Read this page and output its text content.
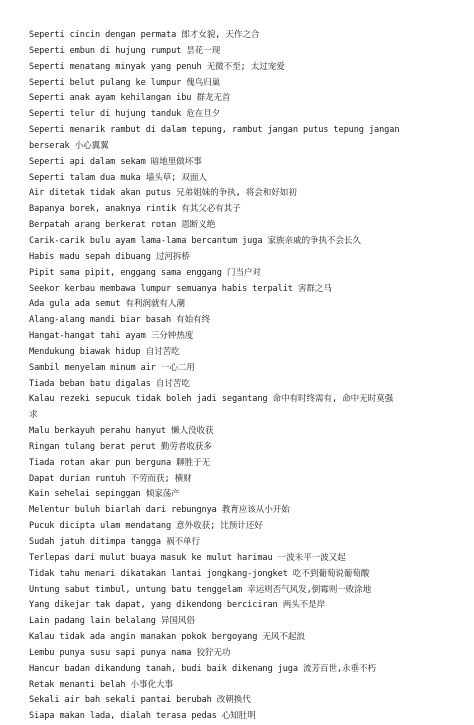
Seperti cincin dengan permata 郎才女貌, 天作之合
Seperti embun di hujung rumput 昙花一现
Seperti menatang minyak yang penuh 无微不至; 太过宠爱
Seperti belut pulang ke lumpur 傀鸟归巢
Seperti anak ayam kehilangan ibu 群龙无首
Seperti telur di hujung tanduk 危在旦夕
Seperti menarik rambut di dalam tepung, rambut jangan putus tepung jangan
berserak 小心翼翼
Seperti api dalam sekam 暗地里做坏事
Seperti talam dua muka 墙头草; 双面人
Air ditetak tidak akan putus 兄弟姐妹的争执, 将会和好如初
Bapanya borek, anaknya rintik 有其父必有其子
Berpatah arang berkerat rotan 恩断义绝
Carik-carik bulu ayam lama-lama bercantum juga 家族亲戚的争执不会长久
Habis madu sepah dibuang 过河拆桥
Pipit sama pipit, enggang sama enggang 门当户对
Seekor kerbau membawa lumpur semuanya habis terpalit 害群之马
Ada gula ada semut 有利润就有人潮
Alang-alang mandi biar basah 有始有终
Hangat-hangat tahi ayam 三分钟热度
Mendukung biawak hidup 自讨苦吃
Sambil menyelam minum air 一心二用
Tiada beban batu digalas 自讨苦吃
Kalau rezeki sepucuk tidak boleh jadi segantang 命中有时终需有, 命中无时莫强
求
Malu berkayuh perahu hanyut 懒人没收获
Ringan tulang berat perut 勤劳者收获多
Tiada rotan akar pun berguna 聊胜于无
Dapat durian runtuh 不劳而获; 横财
Kain sehelai sepinggan 倾家荡产
Melentur buluh biarlah dari rebungnya 教育应该从小开始
Pucuk dicipta ulam mendatang 意外收获; 比预计还好
Sudah jatuh ditimpa tangga 祸不单行
Terlepas dari mulut buaya masuk ke mulut harimau 一波未平一波又起
Tidak tahu menari dikatakan lantai jongkang-jongket 吃不到葡萄说葡萄酸
Untung sabut timbul, untung batu tenggelam 幸运则否气风发,倒霉则一败涂地
Yang dikejar tak dapat, yang dikendong berciciran 两头不是岸
Lain padang lain belalang 异国风俗
Kalau tidak ada angin manakan pokok bergoyang 无风不起浪
Lembu punya susu sapi punya nama 狡狞无功
Hancur badan dikandung tanah, budi baik dikenang juga 流芳百世,永垂不朽
Retak menanti belah 小事化大事
Sekali air bah sekali pantai berubah 改朝换代
Siapa makan lada, dialah terasa pedas 心知肚明
